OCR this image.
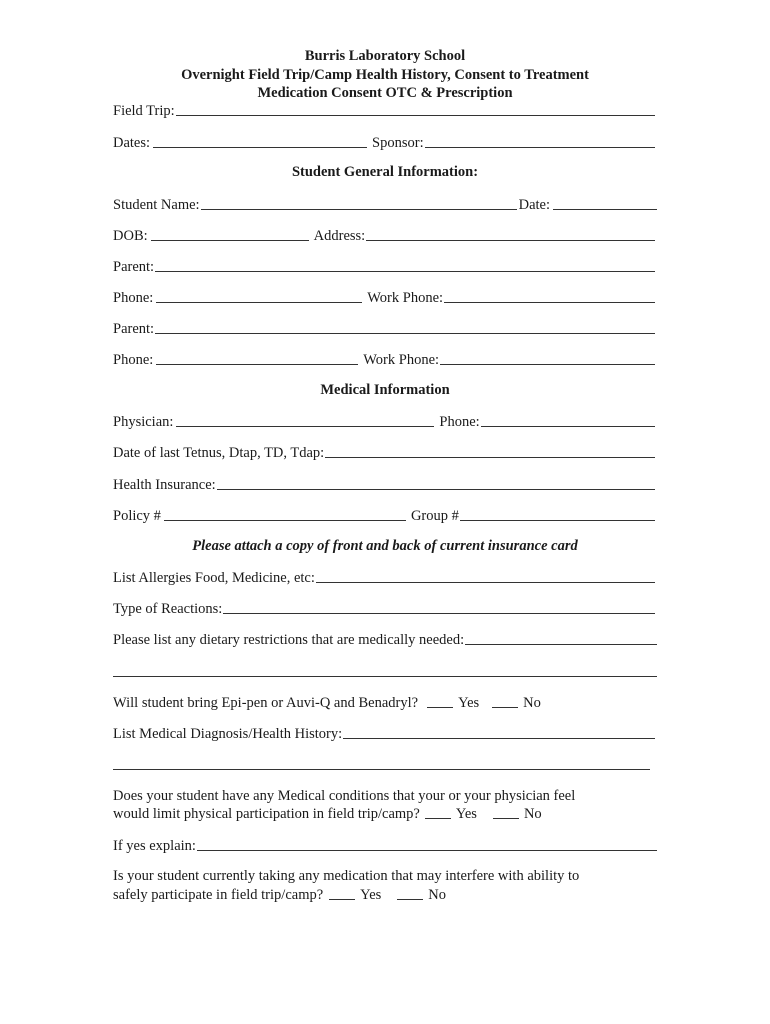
Burris Laboratory School
Overnight Field Trip/Camp Health History, Consent to Treatment
Medication Consent OTC & Prescription
Field Trip:
Dates:	Sponsor:
Student General Information:
Student Name:	Date:
DOB:	Address:
Parent:
Phone:	Work Phone:
Parent:
Phone:	Work Phone:
Medical Information
Physician:	Phone:
Date of last Tetnus, Dtap, TD, Tdap:
Health Insurance:
Policy #	Group #
Please attach a copy of front and back of current insurance card
List Allergies Food, Medicine, etc:
Type of Reactions:
Please list any dietary restrictions that are medically needed:
Will student bring Epi-pen or Auvi-Q and Benadryl?	Yes	No
List Medical Diagnosis/Health History:
Does your student have any Medical conditions that your or your physician feel
would limit physical participation in field trip/camp? Yes	No
If yes explain:
Is your student currently taking any medication that may interfere with ability to
safely participate in field trip/camp?	Yes	No
